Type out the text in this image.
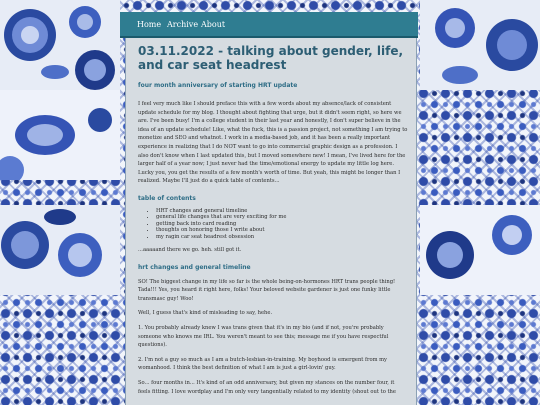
03.11.2022 - talking about gender, life, and car seat headrest
four month anniversary of starting HRT update

I feel very much like I should preface this with a few words about my absence/lack of consistent update schedule for my blog. I thought about fighting that urge, but it didn't seem right, so here we are. I've been busy! I'm a college student in their last year and honestly, I don't super believe in the idea of an update schedule! Like, what the fuck, this is a passion project, not something I am trying to monetize and SEO and whatnot. I work in a media-based job, and it has been a really important experience in realizing that I do NOT want to go into commercial graphic design as a profession. I also don't know when I last updated this, but I moved somewhere new! I mean, I've lived here for the larger half of a year now; I just never had the time/emotional energy to update my little log here. Lucky you, you get the results of a few month's worth of time. But yeah, this might be longer than I realized. Maybe I'll just do a quick table of contents...

table of contents
• HRT changes and general timeline
• general life changes that are very exciting for me
• getting back into card reading
• thoughts on honoring those I write about
• my ragin car seat headrest obsession

...aaaaand there we go. heh. still got it.

hrt changes and general timeline

SO! The biggest change in my life so far is the whole being-on-hormones HRT trans people thing! Tada!!! Yes, you heard it right here, folks! Your beloved website gardener is just one funky little transmasc guy! Woo!

Well, I guess that's kind of misleading to say, hehe.

1. You probably already knew I was trans given that it's in my bio (and if not, you're probably someone who knows me IRL. You weren't meant to see this; message me if you have respectful questions).

2. I'm not a guy so much as I am a butch-lesbian-in-training. My boyhood is emergent from my womanhood. I think the best definition of what I am is just a girl-lovin' guy.

So... four months in... It's kind of an odd anniversary, but given my stances on the number four, it feels fitting. I love wordplay and I'm only very tangentially related to my identity (shout out to the

Home Archive About
